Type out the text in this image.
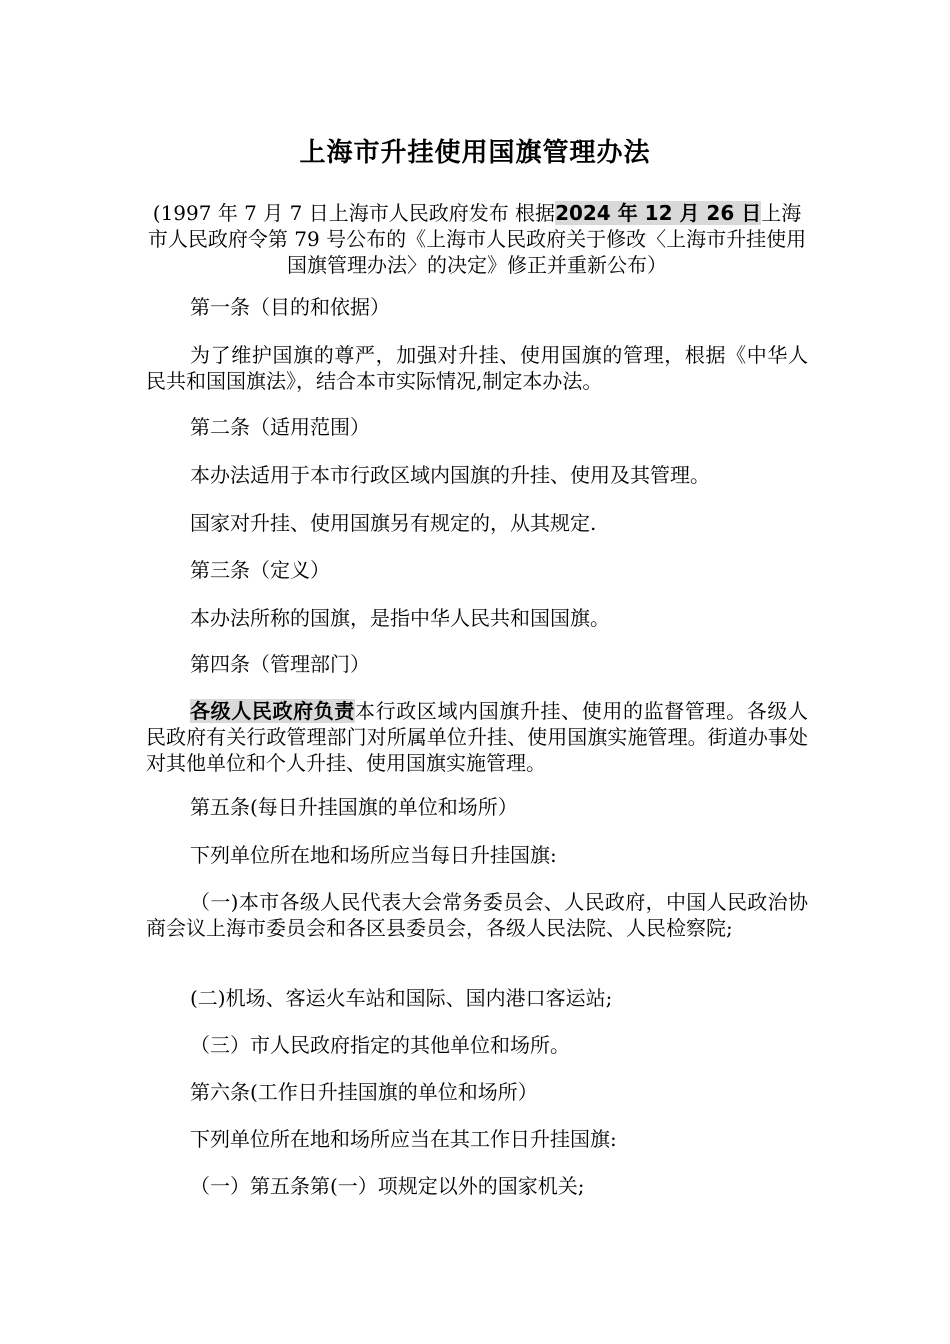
上海市升挂使用国旗管理办法
(1997 年 7 月 7 日上海市人民政府发布 根据2024 年 12 月 26 日上海市人民政府令第 79 号公布的《上海市人民政府关于修改〈上海市升挂使用国旗管理办法〉的决定》修正并重新公布）

第一条（目的和依据）

为了维护国旗的尊严，加强对升挂、使用国旗的管理，根据《中华人民共和国国旗法》，结合本市实际情况,制定本办法。

第二条（适用范围）

本办法适用于本市行政区域内国旗的升挂、使用及其管理。

国家对升挂、使用国旗另有规定的，从其规定.

第三条（定义）

本办法所称的国旗，是指中华人民共和国国旗。

第四条（管理部门）

各级人民政府负责本行政区域内国旗升挂、使用的监督管理。各级人民政府有关行政管理部门对所属单位升挂、使用国旗实施管理。街道办事处对其他单位和个人升挂、使用国旗实施管理。

第五条(每日升挂国旗的单位和场所）

下列单位所在地和场所应当每日升挂国旗:

（一)本市各级人民代表大会常务委员会、人民政府，中国人民政治协商会议上海市委员会和各区县委员会，各级人民法院、人民检察院;

(二)机场、客运火车站和国际、国内港口客运站;

（三）市人民政府指定的其他单位和场所。

第六条(工作日升挂国旗的单位和场所）

下列单位所在地和场所应当在其工作日升挂国旗:

（一）第五条第(一）项规定以外的国家机关;
